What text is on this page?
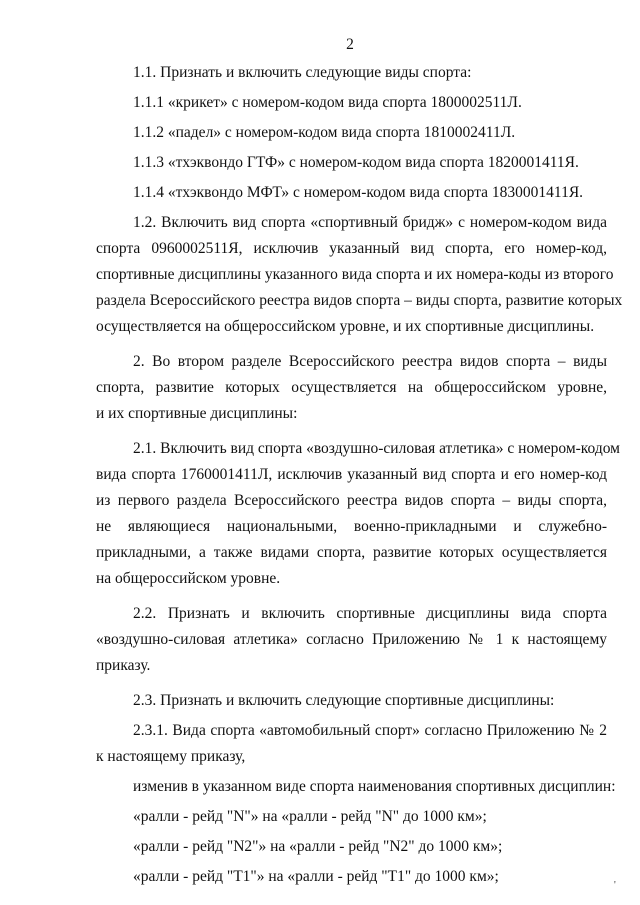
2
1.1. Признать и включить следующие виды спорта:
1.1.1 «крикет» с номером-кодом вида спорта 1800002511Л.
1.1.2 «падел» с номером-кодом вида спорта 1810002411Л.
1.1.3 «тхэквондо ГТФ» с номером-кодом вида спорта 1820001411Я.
1.1.4 «тхэквондо МФТ» с номером-кодом вида спорта 1830001411Я.
1.2. Включить вид спорта «спортивный бридж» с номером-кодом вида
спорта 0960002511Я, исключив указанный вид спорта, его номер-код,
спортивные дисциплины указанного вида спорта и их номера-коды из второго
раздела Всероссийского реестра видов спорта – виды спорта, развитие которых
осуществляется на общероссийском уровне, и их спортивные дисциплины.
2. Во втором разделе Всероссийского реестра видов спорта – виды
спорта, развитие которых осуществляется на общероссийском уровне,
и их спортивные дисциплины:
2.1. Включить вид спорта «воздушно-силовая атлетика» с номером-кодом
вида спорта 1760001411Л, исключив указанный вид спорта и его номер-код
из первого раздела Всероссийского реестра видов спорта – виды спорта,
не являющиеся национальными, военно-прикладными и служебно-
прикладными, а также видами спорта, развитие которых осуществляется
на общероссийском уровне.
2.2. Признать и включить спортивные дисциплины вида спорта
«воздушно-силовая атлетика» согласно Приложению № 1 к настоящему
приказу.
2.3. Признать и включить следующие спортивные дисциплины:
2.3.1. Вида спорта «автомобильный спорт» согласно Приложению № 2
к настоящему приказу,
изменив в указанном виде спорта наименования спортивных дисциплин:
«ралли - рейд "N"» на «ралли - рейд "N" до 1000 км»;
«ралли - рейд "N2"» на «ралли - рейд "N2" до 1000 км»;
«ралли - рейд "T1"» на «ралли - рейд "T1" до 1000 км»;
'
